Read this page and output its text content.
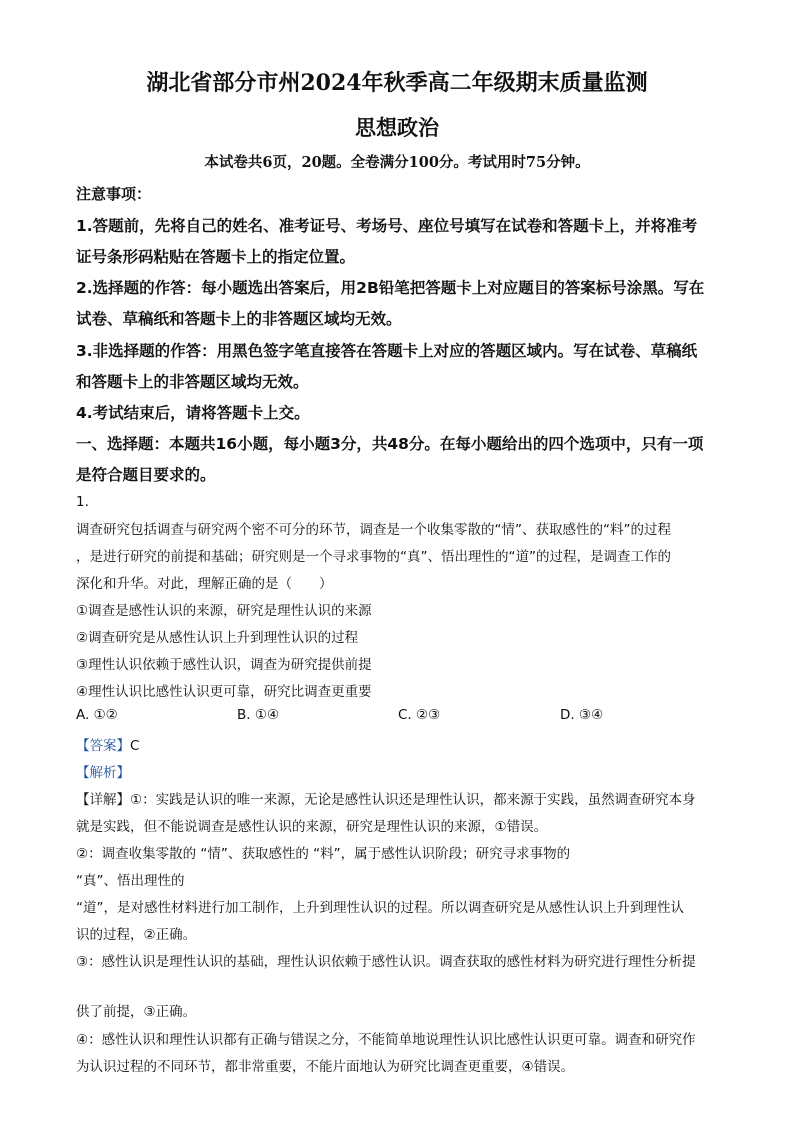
湖北省部分市州2024年秋季高二年级期末质量监测
思想政治
本试卷共6页，20题。全卷满分100分。考试用时75分钟。
注意事项：
1.答题前，先将自己的姓名、准考证号、考场号、座位号填写在试卷和答题卡上，并将准考
证号条形码粘贴在答题卡上的指定位置。
2.选择题的作答：每小题选出答案后，用2B铅笔把答题卡上对应题目的答案标号涂黑。写在
试卷、草稿纸和答题卡上的非答题区域均无效。
3.非选择题的作答：用黑色签字笔直接答在答题卡上对应的答题区域内。写在试卷、草稿纸
和答题卡上的非答题区域均无效。
4.考试结束后，请将答题卡上交。
一、选择题：本题共16小题，每小题3分，共48分。在每小题给出的四个选项中，只有一项
是符合题目要求的。
1.
调查研究包括调查与研究两个密不可分的环节，调查是一个收集零散的“情”、获取感性的“料”的过程
，是进行研究的前提和基础；研究则是一个寻求事物的“真”、悟出理性的“道”的过程，是调查工作的
深化和升华。对此，理解正确的是（　　）
①调查是感性认识的来源，研究是理性认识的来源
②调查研究是从感性认识上升到理性认识的过程
③理性认识依赖于感性认识，调查为研究提供前提
④理性认识比感性认识更可靠，研究比调查更重要
A. ①②	B. ①④	C. ②③	D. ③④
【答案】C
【解析】
【详解】①：实践是认识的唯一来源，无论是感性认识还是理性认识，都来源于实践，虽然调查研究本身
就是实践，但不能说调查是感性认识的来源，研究是理性认识的来源，①错误。
②：调查收集零散的 “情”、获取感性的 “料”，属于感性认识阶段；研究寻求事物的
“真”、悟出理性的
“道”，是对感性材料进行加工制作，上升到理性认识的过程。所以调查研究是从感性认识上升到理性认
识的过程，②正确。
③：感性认识是理性认识的基础，理性认识依赖于感性认识。调查获取的感性材料为研究进行理性分析提
供了前提，③正确。
④：感性认识和理性认识都有正确与错误之分，不能简单地说理性认识比感性认识更可靠。调查和研究作
为认识过程的不同环节，都非常重要，不能片面地认为研究比调查更重要，④错误。
